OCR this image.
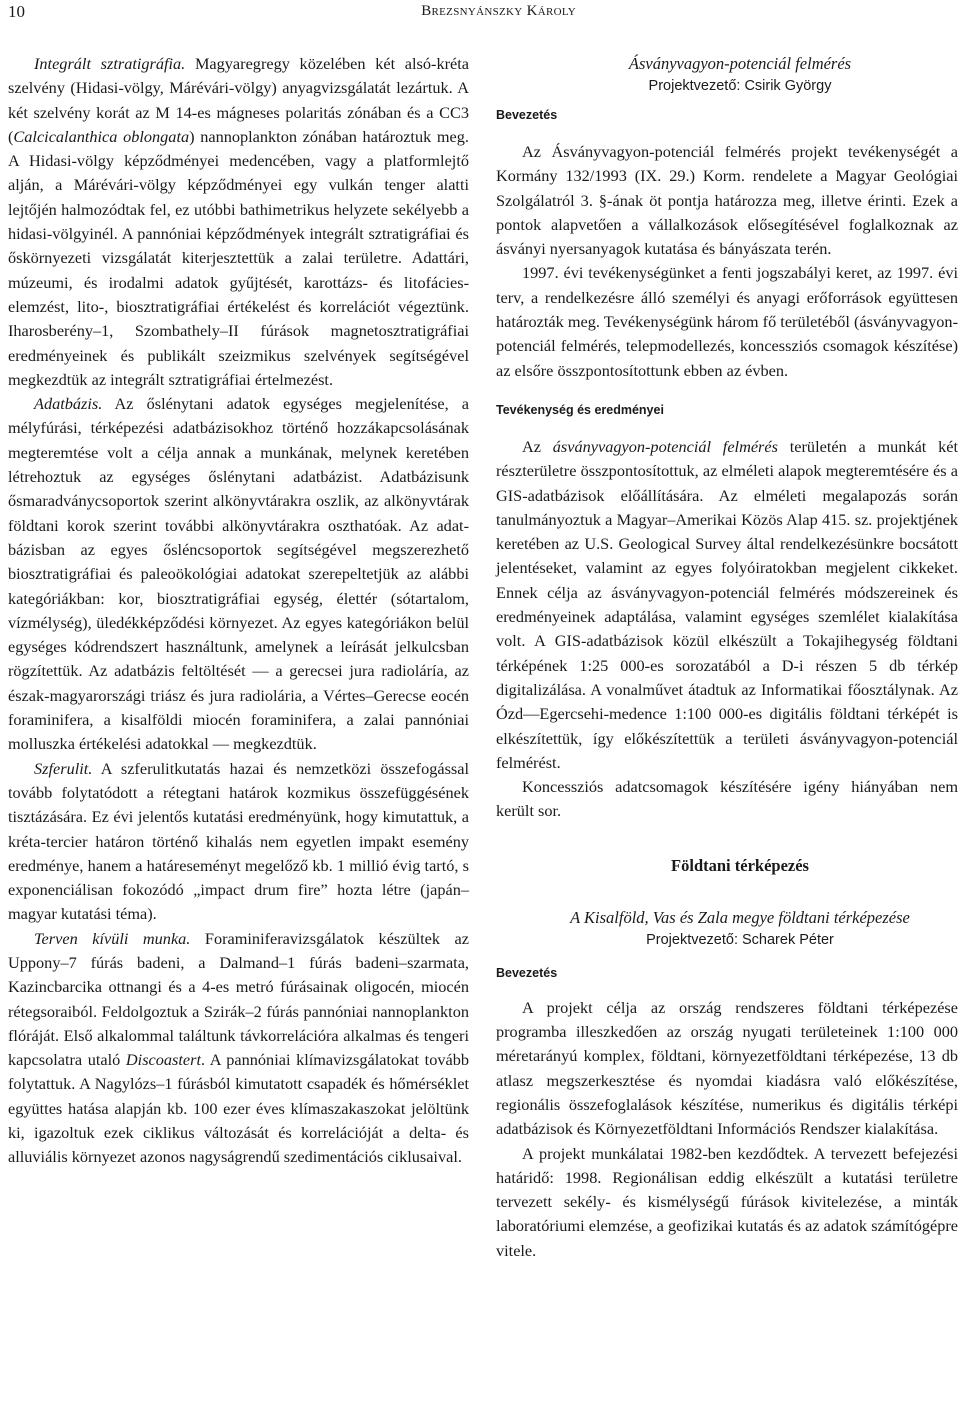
10	Brezsnyánszky Károly

Integrált sztratigráfia. Magyaregregy közelében két alsó-kréta szelvény (Hidasi-völgy, Márévári-völgy) anyagvizsgálatát lezártuk. A két szelvény korát az M 14-es mágneses polaritás zónában és a CC3 (Calcicalanthica oblongata) nannoplankton zónában határoztuk meg. A Hidasi-völgy képződményei medencében, vagy a platformlejtő alján, a Márévári-völgy képződményei egy vulkán tenger alatti lejtőjén halmozódtak fel, ez utóbbi bathimetrikus helyzete sekélyebb a hidasi-völgyinél. A pannóniai képződmények integrált sztratigráfiai és őskörnyezeti vizsgálatát kiterjesztettük a zalai területre. Adattári, múzeumi, és irodalmi adatok gyűjtését, karottázs- és litofácies-elemzést, lito-, biosztratigráfiai értékelést és korrelációt végeztünk. Iharosberény–1, Szombathely–II fúrások magnetosztratigráfiai eredményeinek és publikált szeizmikus szelvények segítségével megkezdtük az integrált sztratigráfiai értelmezést.

Adatbázis. Az őslénytani adatok egységes megjelenítése, a mélyfúrási, térképezési adatbázisokhoz történő hozzákapcsolásának megteremtése volt a célja annak a munkának, melynek keretében létrehoztuk az egységes őslénytani adatbázist. Adatbázisunk ősmaradványcsoportok szerint alkönyvtárakra oszlik, az alkönyvtárak földtani korok szerint további alkönyvtárakra oszthatóak. Az adatbázisban az egyes ősléncsoportok segítségével megszerezhető biosztratigráfiai és paleoökológiai adatokat szerepeltetjük az alábbi kategóriákban: kor, biosztratigráfiai egység, élettér (sótartalom, vízmélység), üledékképződési környezet. Az egyes kategóriákon belül egységes kódrendszert használtunk, amelynek a leírását jelkulcsban rögzítettük. Az adatbázis feltöltését — a gerecsei jura radioláría, az észak-magyarországi triász és jura radiolária, a Vértes–Gerecse eocén foraminifera, a kisalföldi miocén foraminifera, a zalai pannóniai molluszka értékelési adatokkal — megkezdtük.

Szferulit. A szferulitkutatás hazai és nemzetközi összefogással tovább folytatódott a rétegtani határok kozmikus összefüggésének tisztázására. Ez évi jelentős kutatási eredményünk, hogy kimutattuk, a kréta-tercier határon történő kihalás nem egyetlen impakt esemény eredménye, hanem a határeseményt megelőző kb. 1 millió évig tartó, s exponenciálisan fokozódó „impact drum fire” hozta létre (japán–magyar kutatási téma).

Terven kívüli munka. Foraminiferavizsgálatok készültek az Uppony–7 fúrás badeni, a Dalmand–1 fúrás badeni–szarmata, Kazincbarcika ottnangi és a 4-es metró fúrásainak oligocén, miocén rétegsoraiból. Feldolgoztuk a Szirák–2 fúrás pannóniai nannoplankton flóráját. Első alkalommal találtunk távkorrelációra alkalmas és tengeri kapcsolatra utaló Discoastert. A pannóniai klímavizsgálatokat tovább folytattuk. A Nagylózs–1 fúrásból kimutatott csapadék és hőmérséklet együttes hatása alapján kb. 100 ezer éves klímaszakaszokat jelöltünk ki, igazoltuk ezek ciklikus változását és korrelációját a delta- és alluviális környezet azonos nagyságrendű szedimentációs ciklusaival.

Ásványvagyon-potenciál felmérés

Projektvezető: Csirik György

Bevezetés

Az Ásványvagyon-potenciál felmérés projekt tevékenységét a Kormány 132/1993 (IX. 29.) Korm. rendelete a Magyar Geológiai Szolgálatról 3. §-ának öt pontja határozza meg, illetve érinti. Ezek a pontok alapvetően a vállalkozások elősegítésével foglalkoznak az ásványi nyersanyagok kutatása és bányászata terén.

1997. évi tevékenységünket a fenti jogszabályi keret, az 1997. évi terv, a rendelkezésre álló személyi és anyagi erőforrások együttesen határozták meg. Tevékenységünk három fő területéből (ásványvagyon-potenciál felmérés, telepmodellezés, koncessziós csomagok készítése) az elsőre összpontosítottunk ebben az évben.

Tevékenység és eredményei

Az ásványvagyon-potenciál felmérés területén a munkát két részterületre összpontosítottuk, az elméleti alapok megteremtésére és a GIS-adatbázisok előállítására. Az elméleti megalapozás során tanulmányoztuk a Magyar–Amerikai Közös Alap 415. sz. projektjének keretében az U.S. Geological Survey által rendelkezésünkre bocsátott jelentéseket, valamint az egyes folyóiratokban megjelent cikkeket. Ennek célja az ásványvagyon-potenciál felmérés módszereinek és eredményeinek adaptálása, valamint egységes szemlélet kialakítása volt. A GIS-adatbázisok közül elkészült a Tokajihegység földtani térképének 1:25 000-es sorozatából a D-i részen 5 db térkép digitalizálása. A vonalművet átadtuk az Informatikai főosztálynak. Az Ózd—Egercsehi-medence 1:100 000-es digitális földtani térképét is elkészítettük, így előkészítettük a területi ásványvagyon-potenciál felmérést.

Koncessziós adatcsomagok készítésére igény hiányában nem került sor.

Földtani térképezés

A Kisalföld, Vas és Zala megye földtani térképezése

Projektvezető: Scharek Péter

Bevezetés

A projekt célja az ország rendszeres földtani térképezése programba illeszkedően az ország nyugati területeinek 1:100 000 méretarányú komplex, földtani, környezetföldtani térképezése, 13 db atlasz megszerkesztése és nyomdai kiadásra való előkészítése, regionális összefoglalások készítése, numerikus és digitális térképi adatbázisok és Környezetföldtani Információs Rendszer kialakítása.

A projekt munkálatai 1982-ben kezdődtek. A tervezett befejezési határidő: 1998. Regionálisan eddig elkészült a kutatási területre tervezett sekély- és kismélységű fúrások kivitelezése, a minták laboratóriumi elemzése, a geofizikai kutatás és az adatok számítógépre vitele.
